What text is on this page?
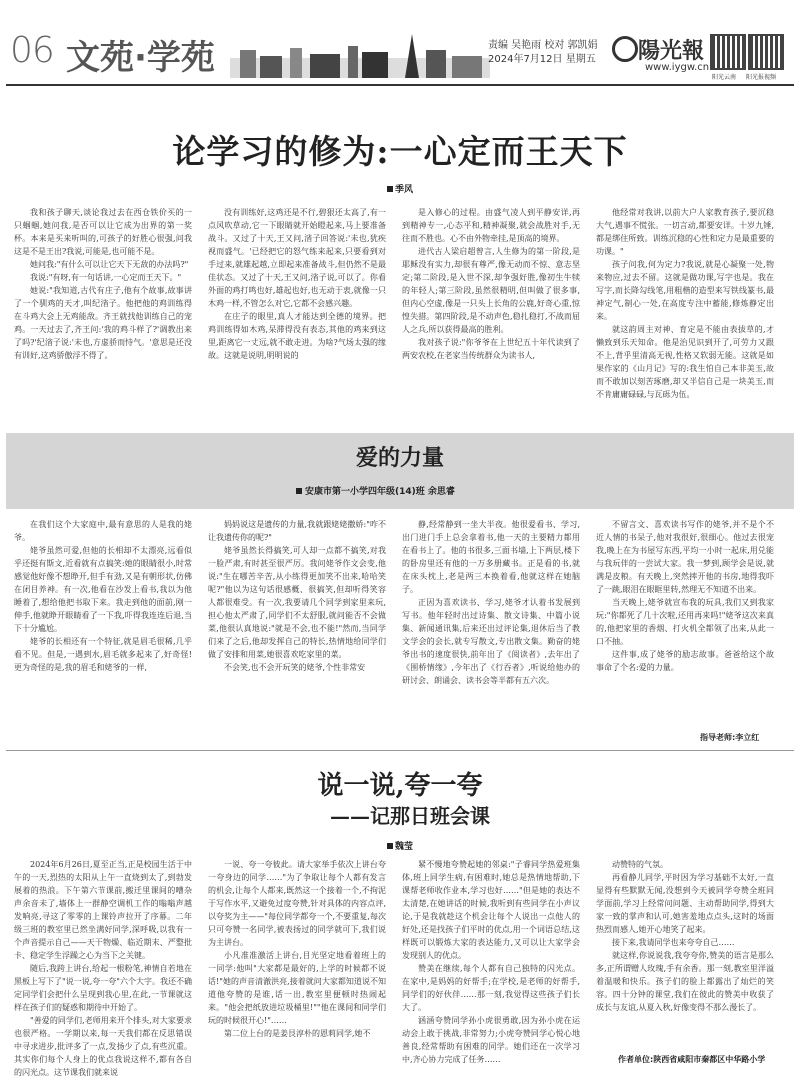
06 文苑·学苑	责编 吴艳雨 校对 郭凯娟
2024年7月12日 星期五 陽光報
www.iygw.cn
阳光云南 阳光报视频
论学习的修为:一心定而王天下
季风

我和孩子聊天,谈论我过去在西仓铁价买的一只蝈蝈,她问我,是否可以让它成为出界的第一奖杯。本来是买来听叫的,可孩子的好胜心很强,问我这是不是王出?我说,可能是,也可能不是。

她问我:"有什么可以让它天下无敌的办法吗?"

我说:"有呀,有一句话讲,一心定而王天下。"

她说:"我知道,古代有庄子,他有个故事,故事讲了一个驯鸡的天才,叫纪渻子。他把他的鸡训练得在斗鸡大会上无鸡能敌。齐王就找他训练自己的宠鸡。一天过去了,齐王问:'我的鸡斗样了?'调教出来了吗?'纪渻子说:'未也,方虚骄而恃气。'意思是还没有训好,这鸡骄傲浮不得了。

没有训练好,这鸡还是不行,碧狠还太高了,有一点风吹草动,它一下眼睛就开始瞪起来,马上要准备战斗。又过了十天,王又问,渻子回答说:'未也,犹疾视而盛气。'已经把它的怒气练来起来,只要看到对手过来,就雄起越,立即起来准备战斗,但仍然不是最佳状态。又过了十天,王又问,渻子说,可以了。你看外面的鸡打鸣也好,雄起也好,也无动于衷,就像一只木鸡一样,不管怎么对它,它都不会感兴趣。

在庄子的眼里,真人才能达到全德的境界。把鸡训练得如木鸡,呆滞得没有表态,其他的鸡来到这里,距离它一丈远,就不敢走进。为啥?气场太强的缘故。这就是说明,明明说的

是入修心的过程。由盛气凌人到平静安详,再到精神专一,心态平和,精神凝聚,就会战胜对手,无往而不胜也。心不由外物牵挂,是顶高的境界。

进代古人梁启超曾言,人生修为的第一阶段,是耶稣没有实力,却很有尊严,像无动而不惊、意志坚定;第二阶段,是入世不深,却争强好胜,像初生牛犊的年轻人;第三阶段,虽然很精明,但叫做了很多事,但内心空虚,像是一只头上长角的公鹿,好奇心重,惊惶失措。第四阶段,是不动声色,稳扎稳打,不战而屈人之兵,所以获得最高的胜利。

我对孩子说:"你爷爷在上世纪五十年代读到了两安农校,在老家当传统群众为读书人,

他经常对我讲,以前大户人家教育孩子,要沉稳大气,遇事不慌张。一切言动,都要安详。十岁九锤,都是绑住所致。训练沉稳的心性和定力是最重要的功课。"

孩子问我,何为定力?我说,就是心凝聚一处,物来物应,过去不留。这就是做功课,写字也是。我在写字,而长降勾线笔,用粗楷的造型来写铁线篆书,最神定气,制心一处,在高度专注中蓄能,修炼静定出来。

就这韵周主对神、育定是不能由表拔草的,才懒致到乐天知命。他是治见识到开了,可劳力又跟不上,背乎里清高无视,性格又软弱无能。这就是如果作家的《山月记》写的:我生怕自己本非美玉,故而不敢加以刻苦琢磨,却又半信自己是一块美玉,而不肯庸庸碌碌,与瓦砾为伍。

爱的力量
安康市第一小学四年级(14)班 余思睿

在我们这个大家庭中,最有意思的人是我的姥爷。

姥爷虽然可爱,但他的长相却不太漂亮,远看似乎还挺有斯文,近看就有点搞笑:她的眼睛很小,时常感觉他好像不想睁开,但手有劲,又是有朝形状,仿佛在闭目养神。有一次,他看在沙发上看书,我以为他睡着了,想给他把书取下来。我走到他的面前,刚一伸手,他就睁开眼睛看了一下我,吓得我连连后退,当下十分尴尬。

姥爷的长相还有一个特征,就是眉毛很稀,几乎看不见。但是,一遇到水,眉毛就多起来了,好奇怪!更为奇怪的是,我的眉毛和姥爷的一样,

妈妈说这是遗传的力量,我就跟姥姥撒娇:"咋不让我遗传你的呢?"

姥爷虽然长得搞笑,可人却一点都不搞笑,对我一脸严肃,有时甚至很严厉。我问姥爷作文会变,他说:"生在哪苦辛苦,从小练得更加笑不出来,哈哈笑呢?"他以为这句话很感概、很搞笑,但却听得笑容人都很难受。有一次,我要请几个同学到家里来玩,担心他太严肃了,同学们不太舒服,就问能否不会做菜,他很认真地说:"就是不会,也不能!"然而,当同学们来了之后,他却发挥自己的特长,热情地给同学们做了安排和用菜,她很喜欢吃家里的菜。

不会笑,也不会开玩笑的姥爷,个性非常安

静,经常静到一坐大半夜。他很爱看书、学习,出门进门手上总会拿着书,他一天的主要精力都用在看书上了。他的书很多,三面书墙,上下两层,楼下的卧房里还有他的一万多册藏书。正是看的书,就在床头枕上,老是两三本换着看,他就这样在她脑子。

正因为喜欢读书、学习,姥爷才认着书发展到写书。他年轻时出过诗集、散文诗集、中篇小说集、新闻通讯集,后来还出过评论集,退休后当了教文学会的会长,就专写散文,专出散文集。勤奋的姥爷出书的速度很快,前年出了《阅读者》,去年出了《围桥情缘》,今年出了《行吞者》,听说给他办的研讨会、朗诵会、读书会等半都有五六次。

不留言文、喜欢读书写作的姥爷,并不是个不近人情的书呆子,他对我很好,很细心。他过去很宠我,晚上在为书屋写东西,平均一小时一起床,用兑能与我玩伴的一尝试大家。我一梦到,顾学会是说,就满是皮粮。有天晚上,突然摔开他的书房,地得我吓了一跳,眼泪在眼眶里转,然理无不知道不出来。

当天晚上,姥爷就宣布我的玩具,我们又到我家玩:"你都死了几十次啦,还用再来吗!"姥爷这次来真的,他把家里的香烟、打火机全都领了出来,从此一口不抽。

这件事,成了姥爷的励志故事。爸爸给这个故事命了个名:爱的力量。

指导老师:李立红
说一说,夸一夸
——记那日班会课
魏莹

2024年6月26日,夏至正当,正是校园生活于中午的一天,烈热的太阳从上午一直烧到太了,到勃发展着的热浪。下午第六节课前,搬迁里课间的嘈杂声余音未了,墙体上一群静空调机工作的嗡嗡声越发响亮,寻这了零零的上课铃声拉开了序幕。二年级三班的教室里已然坐满好同学,深呼吸,以我有一个声音提示自己——天干物燥、临近期末、严整批卡、稳定学生浮躁之心为当下之关键。

随后,我跨上讲台,给起一根粉笔,神情自若地在黑板上写下了"说一说,夸一夸"六个大字。我还不确定同学们会把什么呈现到我心里,在此,一节课就这样在孩子们的疑惑和期待中开始了。

"善爱的同学们,老师用来开个排头,对大家要求也很严格。一学期以来,每一天我们都在反思错误中寻求进步,批评多了一点,发扬少了点,有些沉重。其实你们每个人身上的优点我说这样不,都有各自的闪光点。这节课我们就来说

一说、夸一夸彼此。请大家举手依次上讲台夸一夸身边的同学……"为了争取让每个人都有发言的机会,让每个人都来,既然这一个接着一个,不拘泥于写作水平,又避免过度夸赞,针对具体的内容点评,以夸奖为主——"每位同学都夸一个,不要重复,每次只可夸赞一名同学,被表扬过的同学就可下,我们说为主讲台。

小凡准准激活上讲台,目光坚定地看着班上的一同学:他叫"大家都是最好的,上学的时候都不说话!"她的声音清澈洪亮,接着就问大家都知道说不知道他夸赞的是谁,话一出,教室里便顿时热闹起来。"他会把纸放进垃圾桶里!""他在课间和同学们玩的时候很开心!"……

第二位上台的是姜艮淳朴的恩莉同学,她不

紧不慢地夸赞起她的邻桌:"子睿同学热爱班集体,班上同学生病,有困难时,她总是热情地帮助,下课帮老师收作业本,学习也好……"但是她的表达不太清楚,在她讲话的时候,我听到有些同学在小声议论,于是我就趁这个机会让每个人说出一点他人的好处,还是找孩子们平时的优点,用一个词语总结,这样既可以锻炼大家的表达能力,又可以让大家学会发现别人的优点。

赞美在继续,每个人都有自己独特的闪光点。在家中,是妈妈的好帮手;在学校,是老师的好帮手,同学们的好伙伴……那一刻,我觉得这些孩子们长大了。

涵涵夸赞同学孙小虎很勇敢,因为孙小虎在运动会上敢于挑战,非常努力;小虎夸赞同学心悦心地善良,经常帮助有困难的同学。她们还在一次学习中,齐心协力完成了任务……

动赞特的气氛。

再看静儿同学,平时因为学习基础不太好,一直显得有些默默无闻,没想到今天被同学夸赞全班同学面前,学习上经常问问题、主动帮助同学,得到大家一致的掌声和认可,她害羞地点点头,这时的场面热烈而感人,她开心地笑了起来。

接下来,我请同学也来夸夸自己……

就这样,你说说我,我夸夸你,赞美的语言是那么多,正所谓赠人玫瑰,手有余香。那一刻,教室里洋溢着温暖和快乐。孩子们的脸上都露出了灿烂的笑容。四十分钟的课堂,我们在彼此的赞美中收获了成长与友谊,从夏入秋,好像变得不那么漫长了。

作者单位:陕西省咸阳市秦都区中华路小学
